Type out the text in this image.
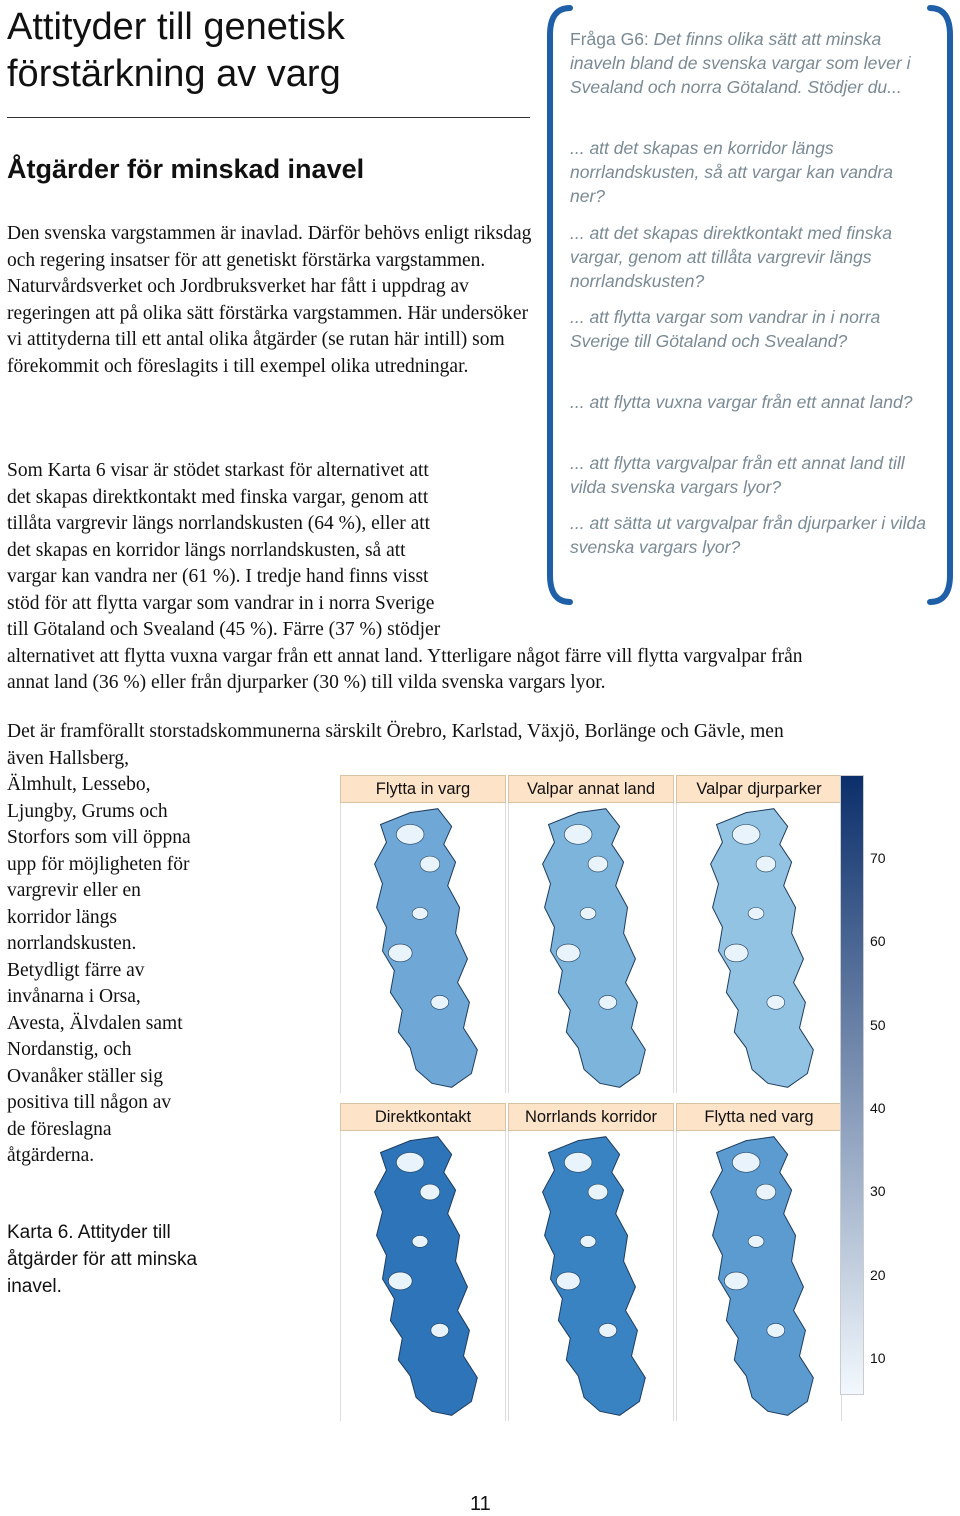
Attityder till genetisk förstärkning av varg
Åtgärder för minskad inavel

Den svenska vargstammen är inavlad. Därför behövs enligt riksdag och regering insatser för att genetiskt förstärka vargstammen. Naturvårdsverket och Jordbruksverket har fått i uppdrag av regeringen att på olika sätt förstärka vargstammen. Här undersöker vi attityderna till ett antal olika åtgärder (se rutan här intill) som förekommit och föreslagits i till exempel olika utredningar.

Som Karta 6 visar är stödet starkast för alternativet att
det skapas direktkontakt med finska vargar, genom att
tillåta vargrevir längs norrlandskusten (64 %), eller att
det skapas en korridor längs norrlandskusten, så att
vargar kan vandra ner (61 %). I tredje hand finns visst
stöd för att flytta vargar som vandrar in i norra Sverige
till Götaland och Svealand (45 %). Färre (37 %) stödjer
alternativet att flytta vuxna vargar från ett annat land. Ytterligare något färre vill flytta vargvalpar från
annat land (36 %) eller från djurparker (30 %) till vilda svenska vargars lyor.
Det är framförallt storstadskommunerna särskilt Örebro, Karlstad, Växjö, Borlänge och Gävle, men
även Hallsberg,
Älmhult, Lessebo,
Ljungby, Grums och
Storfors som vill öppna
upp för möjligheten för
vargrevir eller en
korridor längs
norrlandskusten.
Betydligt färre av
invånarna i Orsa,
Avesta, Älvdalen samt
Nordanstig, och
Ovanåker ställer sig
positiva till någon av
de föreslagna
åtgärderna.
Karta 6. Attityder till åtgärder för att minska inavel.
Fråga G6: Det finns olika sätt att minska inaveln bland de svenska vargar som lever i Svealand och norra Götaland. Stödjer du...
... att det skapas en korridor längs norrlandskusten, så att vargar kan vandra ner?
... att det skapas direktkontakt med finska vargar, genom att tillåta vargrevir längs norrlandskusten?
... att flytta vargar som vandrar in i norra Sverige till Götaland och Svealand?
... att flytta vuxna vargar från ett annat land?
... att flytta vargvalpar från ett annat land till vilda svenska vargars lyor?
... att sätta ut vargvalpar från djurparker i vilda svenska vargars lyor?
Flytta in varg	Valpar annat land	Valpar djurparker
Direktkontakt	Norrlands korridor	Flytta ned varg
70
60
50
40
30
20
10
11
